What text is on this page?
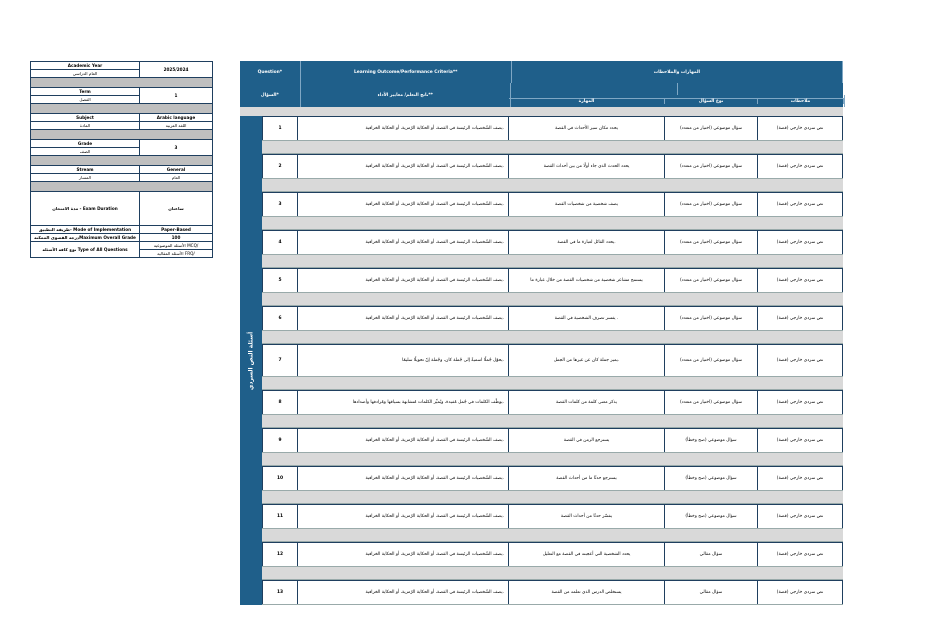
Academic Year
العام الدراسي
2025/2024
Term
الفصل
1
Subject
المادة
Arabic language
اللغة العربية
Grade
الصف
3
Stream
المسار
General
العام
مدة الامتحان - Exam Duration	ساعتان
طريقة التطبيق- Mode of Implementation	Paper-Based
درجة القصوى الممكنةMaximum Overall Grade	100
نوع كافة الأسئلة Type of All Questions
الأسئلة الموضوعية MCQ/
الأسئلة المقالية FRQ/
Question*	Learning Outcome/Performance Criteria**	المهارات والملاحظات
السؤال*	ناتج التعلم/ معايير الأداء**
المهارة	نوع السؤال	ملاحظات
أسئلة النص السردي
1	يصف الشّخصيات الرئيسة في القصة، أو الحكاية الرّمزية، أو الحكاية الخرافية.	يحدد مكان سير الأحداث في القصة	سؤال موضوعي (اختيار من متعدد)	نص سردي خارجي (قصة)
2	يصف الشّخصيات الرئيسة في القصة، أو الحكاية الرّمزية، أو الحكاية الخرافية.	يحدد الحدث الذي جاء أولًا من بين أحداث القصة	سؤال موضوعي (اختيار من متعدد)	نص سردي خارجي (قصة)
3	يصف الشّخصيات الرئيسة في القصة، أو الحكاية الرّمزية، أو الحكاية الخرافية.	يصف شخصية من شخصيات القصة	سؤال موضوعي (اختيار من متعدد)	نص سردي خارجي (قصة)
4	يصف الشّخصيات الرئيسة في القصة، أو الحكاية الرّمزية، أو الحكاية الخرافية.	يحدد القائل لعبارة ما في القصة.	سؤال موضوعي (اختيار من متعدد)	نص سردي خارجي (قصة)
5	يصف الشّخصيات الرئيسة في القصة، أو الحكاية الرّمزية، أو الحكاية الخرافية.	يستنتج مشاعر شخصية من شخصيات القصة من خلال عبارة ما	سؤال موضوعي (اختيار من متعدد)	نص سردي خارجي (قصة)
6	يصف الشّخصيات الرئيسة في القصة، أو الحكاية الرّمزية، أو الحكاية الخرافية.	يفسر تصرف الشخصية في القصة .	سؤال موضوعي (اختيار من متعدد)	نص سردي خارجي (قصة)
7	يحوّل جُملًا اسميةً إلى جُملة كان، وجُملة إنّ تحويلًا سليمًا.	يميز جملة كان عن غيرها من الجمل.	سؤال موضوعي (اختيار من متعدد)	نص سردي خارجي (قصة)
8	يوظّف الكلمات في جُمل مُفيدة، ويُميِّز الكلمات مُتشابهة بسياقها ومُرادفها وأضدادها.	يذكر معنى كلمة من كلمات القصة	سؤال موضوعي (اختيار من متعدد)	نص سردي خارجي (قصة)
9	يصف الشّخصيات الرئيسة في القصة، أو الحكاية الرّمزية، أو الحكاية الخرافية.	يسترجع الزمن في القصة	سؤال موضوعي (صح وخطأ)	نص سردي خارجي (قصة)
10	يصف الشّخصيات الرئيسة في القصة، أو الحكاية الرّمزية، أو الحكاية الخرافية.	يسترجع حدثًا ما من أحداث القصة	سؤال موضوعي (صح وخطأ)	نص سردي خارجي (قصة)
11	يصف الشّخصيات الرئيسة في القصة، أو الحكاية الرّمزية، أو الحكاية الخرافية.	يفسّر حدثًا من أحداث القصة	سؤال موضوعي (صح وخطأ)	نص سردي خارجي (قصة)
12	يصف الشّخصيات الرئيسة في القصة، أو الحكاية الرّمزية، أو الحكاية الخرافية.	يحدد الشخصية التي أعجبته في القصة مع التعليل	سؤال مقالي	نص سردي خارجي (قصة)
13	يصف الشّخصيات الرئيسة في القصة، أو الحكاية الرّمزية، أو الحكاية الخرافية.	يستخلص الدرس الذي تعلمه من القصة	سؤال مقالي	نص سردي خارجي (قصة)
